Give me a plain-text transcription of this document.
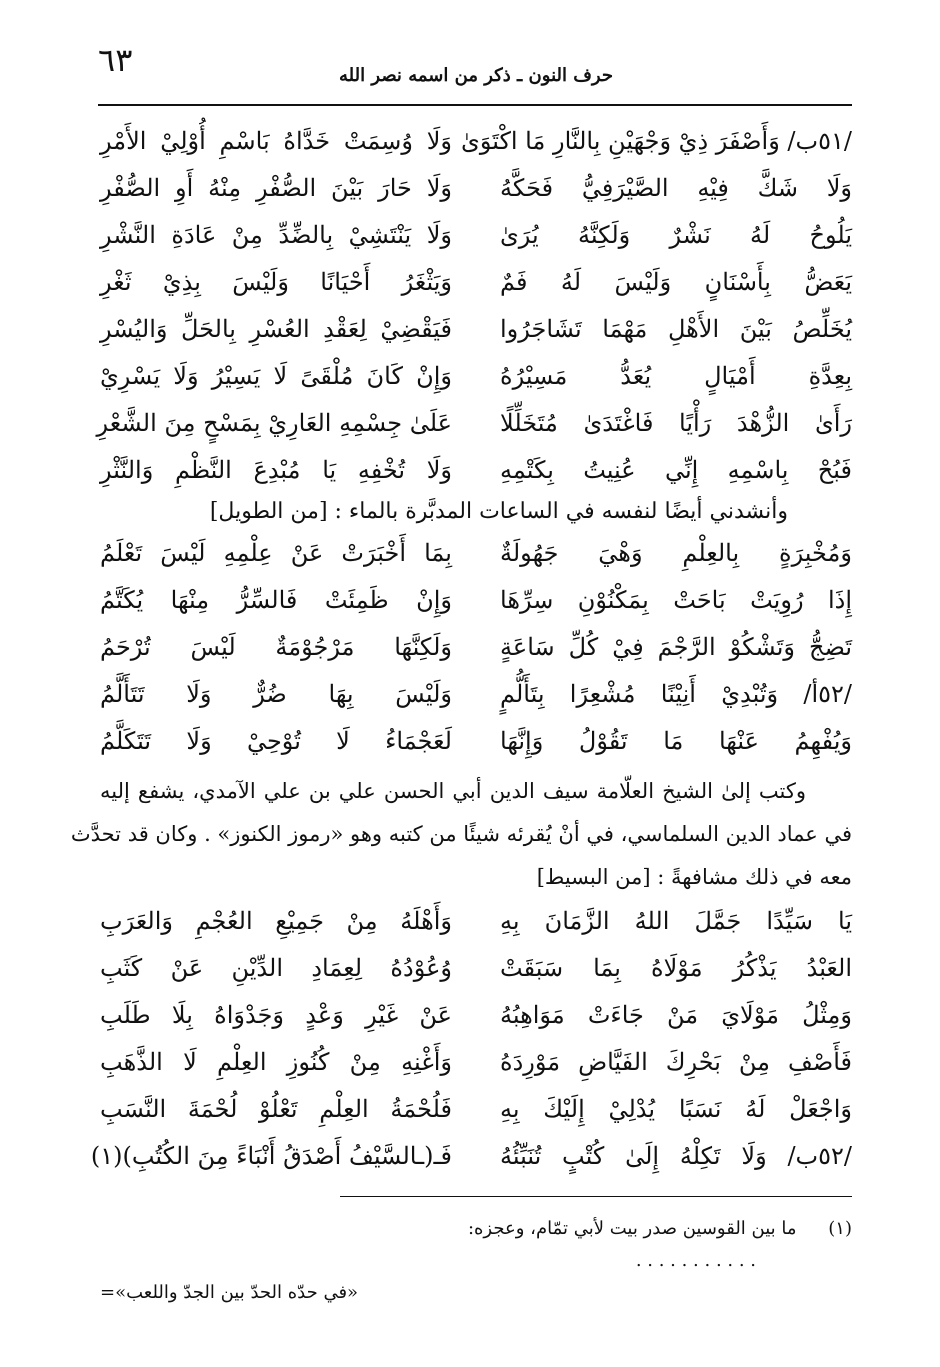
٦٣	حرف النون ـ ذكر من اسمه نصر الله
/٥١ب/ وَأَصْفَرَ ذِيْ وَجْهَيْنِ بِالنَّارِ مَا اكْتَوَىٰ
وَلَا وُسِمَتْ خَدَّاهُ بَاسْمِ أُوْلِيْ الأَمْرِ
وَلَا شَكَّ فِيْهِ الصَّيْرَفِيُّ فَحَكَّهُ
وَلَا حَارَ بَيْنَ الصُّفْرِ مِنْهُ أَوِ الصُّفْرِ
يَلُوحُ لَهُ نَشْرٌ وَلَكِنَّهُ يُرَىٰ
وَلَا يَنْتَشِيْ بِالضِّدِّ مِنْ عَادَةِ النَّشْرِ
يَعَضُّ بِأَسْنَانٍ وَلَيْسَ لَهُ فَمٌ
وَيَثْغَرُ أَحْيَانًا وَلَيْسَ بِذِيْ ثَغْرِ
يُخَلِّصُ بَيْنَ الأَهْلِ مَهْمَا تَشَاجَرُوا
فَيَقْضِيْ لِعَقْدِ العُسْرِ بِالحَلِّ وَاليُسْرِ
بِعِدَّةِ أَمْيَالٍ يُعَدُّ مَسِيْرُهُ
وَإِنْ كَانَ مُلْقَىً لَا يَسِيْرُ وَلَا يَسْرِيْ
رَأَىٰ الزُّهْدَ رَأْيًا فَاغْتَدَىٰ مُتَخَلِّلًا
عَلَىٰ جِسْمِهِ العَارِيْ بِمَسْحٍ مِنَ الشَّعْرِ
فَبُحْ بِاسْمِهِ إِنِّي عُنِيتُ بِكَتْمِهِ
وَلَا تُخْفِهِ يَا مُبْدِعَ النَّظْمِ وَالنَّثْرِ
وأنشدني أيضًا لنفسه في الساعات المدبَّرة بالماء : [من الطويل]
وَمُخْبِرَةٍ بِالعِلْمِ وَهْيَ جَهُولَةٌ
بِمَا أَخْبَرَتْ عَنْ عِلْمِهِ لَيْسَ تَعْلَمُ
إِذَا رُوِيَتْ بَاحَتْ بِمَكْنُوْنِ سِرِّهَا
وَإِنْ ظَمِئَتْ فَالسِّرُّ مِنْهَا يُكَتَّمُ
تَضِجُّ وَتَشْكُوْ الرَّجْمَ فِيْ كُلِّ سَاعَةٍ
وَلَكِنَّهَا مَرْجُوْمَةٌ لَيْسَ تُرْحَمُ
/٥٢أ/ وَتُبْدِيْ أَنِيْنًا مُشْعِرًا بِتَأَلُّمٍ
وَلَيْسَ بِهَا ضُرٌّ وَلَا تَتَأَلَّمُ
وَيُفْهِمُ عَنْهَا مَا تَقُوْلُ وَإِنَّهَا
لَعَجْمَاءُ لَا تُوْحِيْ وَلَا تَتَكَلَّمُ
وكتب إلىٰ الشيخ العلّامة سيف الدين أبي الحسن علي بن علي الآمدي، يشفع إليه
في عماد الدين السلماسي، في أنْ يُقرئه شيئًا من كتبه وهو «رموز الكنوز» . وكان قد تحدَّث
معه في ذلك مشافهةً : [من البسيط]
يَا سَيِّدًا جَمَّلَ اللهُ الزَّمَانَ بِهِ
وَأَهْلَهُ مِنْ جَمِيْعِ العُجْمِ وَالعَرَبِ
العَبْدُ يَذْكُرُ مَوْلَاهُ بِمَا سَبَقَتْ
وُعُوْدُهُ لِعِمَادِ الدِّيْنِ عَنْ كَثَبِ
وَمِثْلُ مَوْلَايَ مَنْ جَاءَتْ مَوَاهِبُهُ
عَنْ غَيْرِ وَعْدٍ وَجَدْوَاهُ بِلَا طَلَبِ
فَأَصْفِ مِنْ بَحْرِكَ الفَيَّاضِ مَوْرِدَهُ
وَأَغْنِهِ مِنْ كُنُوزِ العِلْمِ لَا الذَّهَبِ
وَاجْعَلْ لَهُ نَسَبًا يُدْلِيْ إِلَيْكَ بِهِ
فَلُحْمَةُ العِلْمِ تَعْلُوْ لُحْمَةَ النَّسَبِ
/٥٢ب/ وَلَا تَكِلْهُ إِلَىٰ كُتْبٍ تُنَبِّئُهُ
فَـ(ـالسَّيْفُ أَصْدَقُ أَنْبَاءً مِنَ الكُتُبِ)(١)
(١) ما بين القوسين صدر بيت لأبي تمّام، وعجزه:
. . . . . . . . . . .
«في حدّه الحدّ بين الجدّ واللعب»=
